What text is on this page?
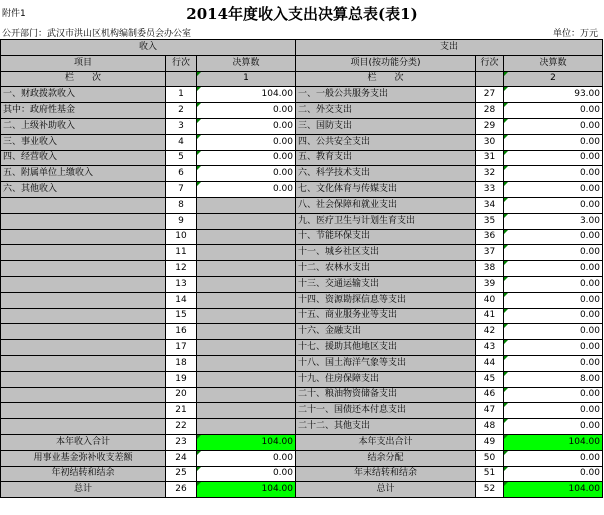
附件1	2014年度收入支出决算总表(表1)
公开部门：武汉市洪山区机构编制委员会办公室	单位：万元
收入			支出		
项目	行次	决算数	项目(按功能分类)	行次	决算数
栏　　次		1	栏　　次		2
一、财政拨款收入	1	104.00	一、一般公共服务支出	27	93.00
其中：政府性基金	2	0.00	二、外交支出	28	0.00
二、上级补助收入	3	0.00	三、国防支出	29	0.00
三、事业收入	4	0.00	四、公共安全支出	30	0.00
四、经营收入	5	0.00	五、教育支出	31	0.00
五、附属单位上缴收入	6	0.00	六、科学技术支出	32	0.00
六、其他收入	7	0.00	七、文化体育与传媒支出	33	0.00
	8		八、社会保障和就业支出	34	0.00
	9		九、医疗卫生与计划生育支出	35	3.00
	10		十、节能环保支出	36	0.00
	11		十一、城乡社区支出	37	0.00
	12		十二、农林水支出	38	0.00
	13		十三、交通运输支出	39	0.00
	14		十四、资源勘探信息等支出	40	0.00
	15		十五、商业服务业等支出	41	0.00
	16		十六、金融支出	42	0.00
	17		十七、援助其他地区支出	43	0.00
	18		十八、国土海洋气象等支出	44	0.00
	19		十九、住房保障支出	45	8.00
	20		二十、粮油物资储备支出	46	0.00
	21		二十一、国债还本付息支出	47	0.00
	22		二十二、其他支出	48	0.00
本年收入合计	23	104.00	本年支出合计	49	104.00
用事业基金弥补收支差额	24	0.00	结余分配	50	0.00
年初结转和结余	25	0.00	年末结转和结余	51	0.00
总计	26	104.00	总计	52	104.00
